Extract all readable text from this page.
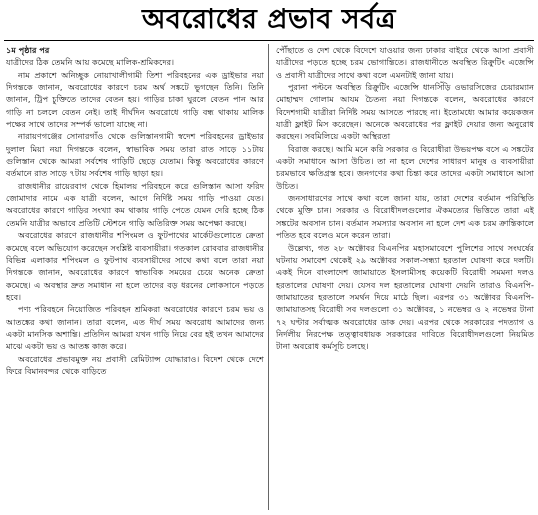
অবরোধের প্রভাব সর্বত্র

১ম পৃষ্ঠার পর

যাত্রীদের ঠিক তেমনি আয় কমেছে মালিক-শ্রমিকদের।

নাম প্রকাশে অনিচ্ছুক নোয়াখালীগামী তিশা পরিবহনের এক ড্রাইভার নয়া দিগন্তকে জানান, অবরোধের কারণে চরম অর্থ সঙ্কটে ভুগছেন তিনি। তিনি জানান, ট্রিপ চুক্তিতে তাদের বেতন হয়। গাড়ির চাকা ঘুরলে বেতন পান আর গাড়ি না চললে বেতন নেই। তাই দীর্ঘদিন অবরোধে গাড়ি বন্ধ থাকায় মালিক পক্ষের সাথে তাদের সম্পর্ক ভালো যাচ্ছে না।

নারায়ণগঞ্জের সোনারগাঁও থেকে গুলিস্তানগামী স্বদেশ পরিবহনের ড্রাইভার দুলাল মিয়া নয়া দিগন্তকে বলেন, স্বাভাবিক সময় তারা রাত সাড়ে ১১টায় গুলিস্তান থেকে আমরা সর্বশেষ গাড়িটি ছেড়ে যেতাম। কিন্তু অবরোধের কারণে বর্তমানে রাত সাড়ে ৭টায় সর্বশেষ গাড়ি ছাড়া হয়।

রাজধানীর রায়েরবাগ থেকে হিমালয় পরিবহনে করে গুলিস্তান আসা ফরিদ জোমাদার নামে এক যাত্রী বলেন, আগে নির্দিষ্ট সময় গাড়ি পাওয়া যেত। অবরোধের কারণে গাড়ির সংখ্যা কম থাকায় গাড়ি পেতে যেমন দেরি হচ্ছে ঠিক তেমনি যাত্রীর অভাবে প্রতিটি স্টেশনে গাড়ি অতিরিক্ত সময় অপেক্ষা করছে।

অবরোধের কারণে রাজধানীর শপিংমল ও ফুটপাথের মার্কেটগুলোতে ক্রেতা কমেছে বলে অভিযোগ করেছেন সংশ্লিষ্ট ব্যবসায়ীরা। গতকাল রোববার রাজধানীর বিভিন্ন এলাকার শপিংমল ও ফুটপাথ ব্যবসায়ীদের সাথে কথা বলে তারা নয়া দিগন্তকে জানান, অবরোধের কারণে স্বাভাবিক সময়ের চেয়ে অনেক ক্রেতা কমেছে। এ অবস্থার দ্রুত সমাধান না হলে তাদের বড় ধরনের লোকসানে পড়তে হবে।

পণ্য পরিবহনে নিয়োজিত পরিবহন শ্রমিকরা অবরোধের কারণে চরম ভয় ও আতঙ্কের কথা জানান। তারা বলেন, এত দীর্ঘ সময় অবরোধ আমাদের জন্য একটা মানসিক অশান্তি। প্রতিদিন আমরা যখন গাড়ি নিয়ে বের হই তখন আমাদের মাঝে একটা ভয় ও আতঙ্ক কাজ করে।

অবরোধের প্রভাবমুক্ত নয় প্রবাসী রেমিট্যান্স যোদ্ধারাও। বিদেশ থেকে দেশে ফিরে বিমানবন্দর থেকে বাড়িতে

পৌঁছাতে ও দেশ থেকে বিদেশে যাওয়ার জন্য ঢাকার বাইরে থেকে আসা প্রবাসী যাত্রীদের পড়তে হচ্ছে চরম ভোগান্তিতে। রাজধানীতে অবস্থিত রিক্রুটিং এজেন্সি ও প্রবাসী যাত্রীদের সাথে কথা বলে এমনটাই জানা যায়।

পুরানা পল্টনে অবস্থিত রিক্রুটিং এজেন্সি ধানসিঁড়ি ওভারসিজের চেয়ারম্যান মোহাম্মদ গোলাম আযম চৈতন্য নয়া দিগন্তকে বলেন, অবরোধের কারণে বিদেশগামী যাত্রীরা নির্দিষ্ট সময় আসতে পারছে না। ইতোমধ্যে আমার কয়েকজন যাত্রী ফ্লাইট মিস করেছেন। অনেকে অবরোধের পর ফ্লাইট দেয়ার জন্য অনুরোধ করছেন। সবমিলিয়ে একটা অস্থিরতা

বিরাজ করছে। আমি মনে করি সরকার ও বিরোধীরা উভয়পক্ষ বসে এ সঙ্কটের একটা সমাধানে আসা উচিত। তা না হলে দেশের সাধারণ মানুষ ও ব্যবসায়ীরা চরমভাবে ক্ষতিগ্রস্ত হবে। জনগণের কথা চিন্তা করে তাদের একটা সমাধানে আসা উচিত।

জনসাধারণের সাথে কথা বলে জানা যায়, তারা দেশের বর্তমান পরিস্থিতি থেকে মুক্তি চান। সরকার ও বিরোধীদলগুলোর ঐকমত্যের ভিত্তিতে তারা এই সঙ্কটের অবসান চান। বর্তমান সমস্যার অবসান না হলে দেশ এক চরম ক্রান্তিকালে পতিত হবে বলেও মনে করেন তারা।

উল্লেখ্য, গত ২৮ অক্টোবর বিএনপির মহাসমাবেশে পুলিশের সাথে সংঘর্ষের ঘটনায় সমাবেশ থেকেই ২৯ অক্টোবর সকাল-সন্ধ্যা হরতাল ঘোষণা করে দলটি। একই দিনে বাংলাদেশ জামায়াতে ইসলামীসহ কয়েকটি বিরোধী সমমনা দলও হরতালের ঘোষণা দেয়। যেসব দল হরতালের ঘোষণা দেয়নি তারাও বিএনপি-জামায়াতের হরতালে সমর্থন দিয়ে মাঠে ছিল। এরপর ৩১ অক্টোবর বিএনপি-জামায়াতসহ বিরোধী সব দলগুলো ৩১ অক্টোবর, ১ নভেম্বর ও ২ নভেম্বর টানা ৭২ ঘণ্টার সর্বাত্মক অবরোধের ডাক দেয়। এরপর থেকে সরকারের পদত্যাগ ও নির্দলীয় নিরপেক্ষ তত্ত্বাবধায়ক সরকারের দাবিতে বিরোধীদলগুলো নিয়মিত টানা অবরোধ কর্মসূচি চলছে।
